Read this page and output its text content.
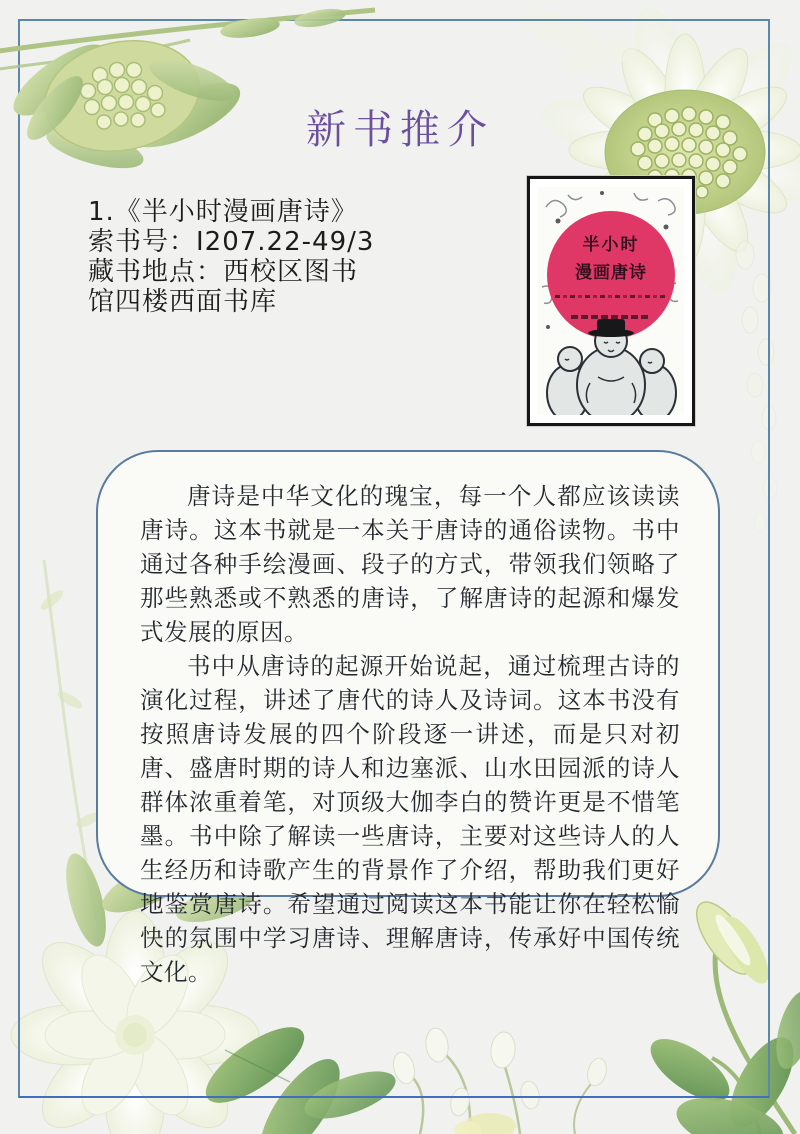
新书推介
1.《半小时漫画唐诗》
索书号：I207.22-49/3
藏书地点：西校区图书
馆四楼西面书库
半小时
漫画唐诗

唐诗是中华文化的瑰宝，每一个人都应该读读唐诗。这本书就是一本关于唐诗的通俗读物。书中通过各种手绘漫画、段子的方式，带领我们领略了那些熟悉或不熟悉的唐诗，了解唐诗的起源和爆发式发展的原因。

书中从唐诗的起源开始说起，通过梳理古诗的演化过程，讲述了唐代的诗人及诗词。这本书没有按照唐诗发展的四个阶段逐一讲述，而是只对初唐、盛唐时期的诗人和边塞派、山水田园派的诗人群体浓重着笔，对顶级大伽李白的赞许更是不惜笔墨。书中除了解读一些唐诗，主要对这些诗人的人生经历和诗歌产生的背景作了介绍，帮助我们更好地鉴赏唐诗。希望通过阅读这本书能让你在轻松愉快的氛围中学习唐诗、理解唐诗，传承好中国传统文化。
